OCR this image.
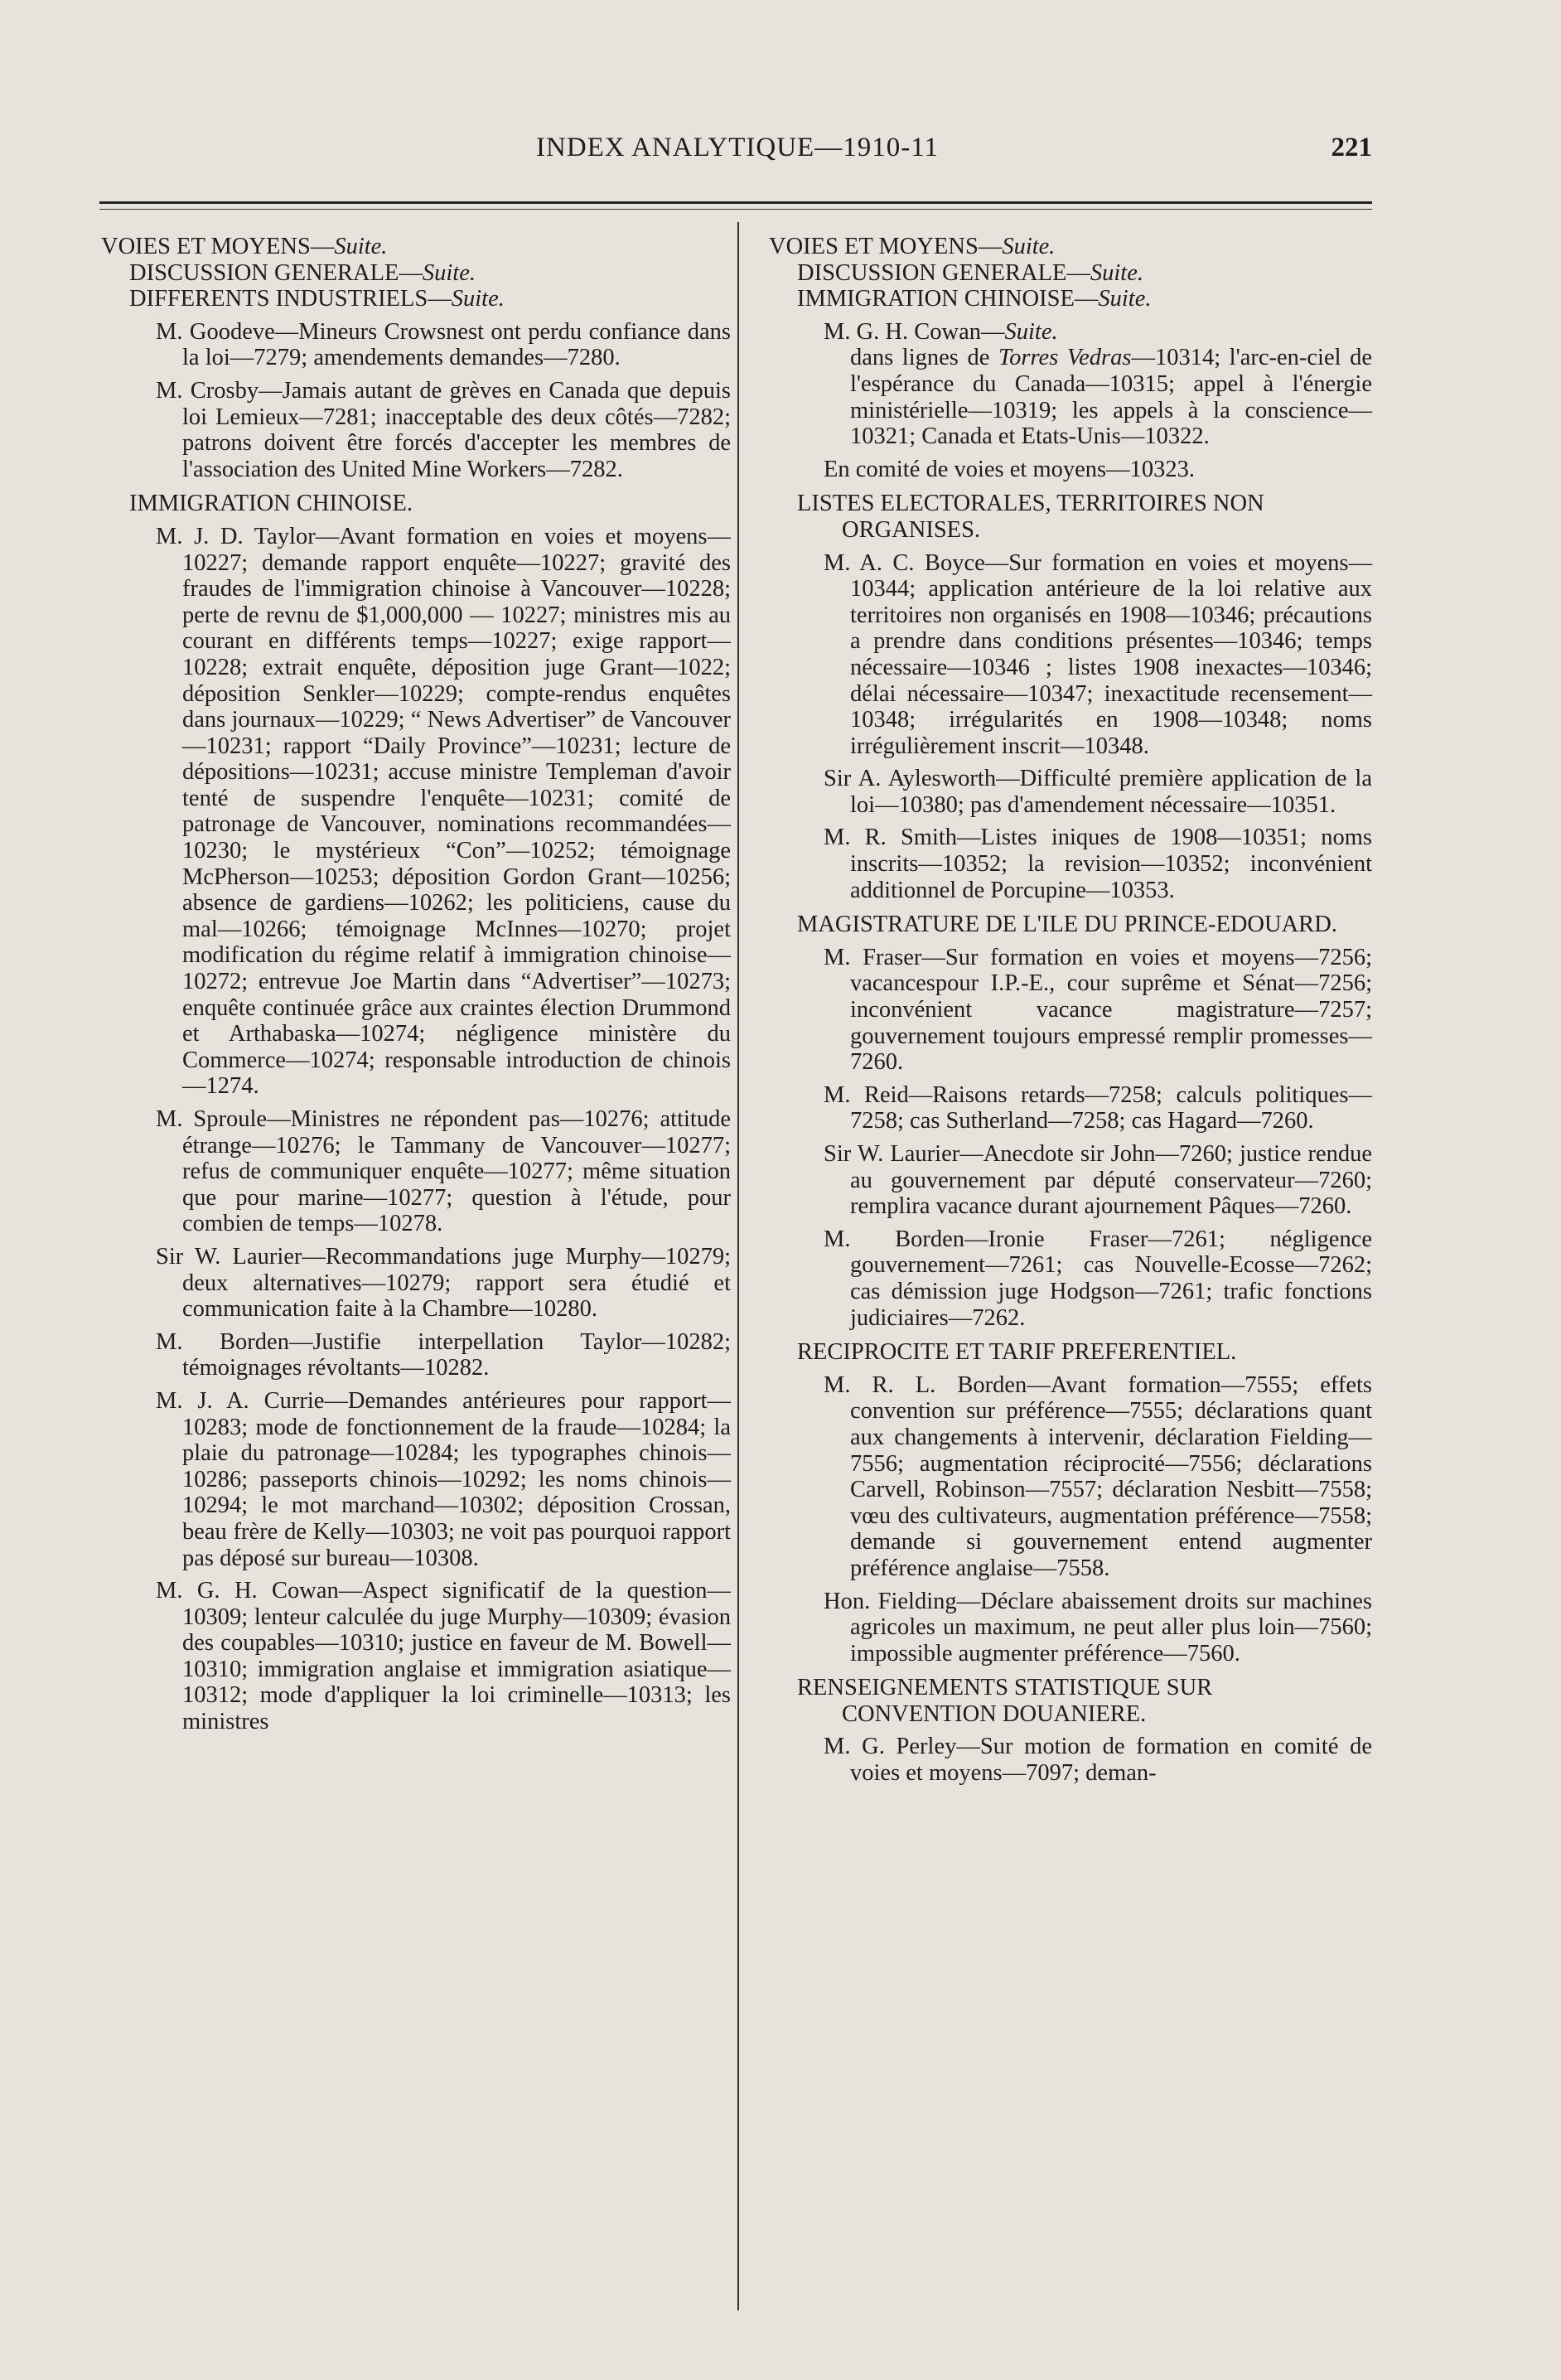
INDEX ANALYTIQUE—1910-11	221
VOIES ET MOYENS—Suite.
DISCUSSION GENERALE—Suite.
DIFFERENTS INDUSTRIELS—Suite.
M. Goodeve—Mineurs Crowsnest ont perdu confiance dans la loi—7279; amendements demandes—7280.
M. Crosby—Jamais autant de grèves en Canada que depuis loi Lemieux—7281; inacceptable des deux côtés—7282; patrons doivent être forcés d'accepter les membres de l'association des United Mine Workers—7282.
IMMIGRATION CHINOISE.
M. J. D. Taylor—Avant formation en voies et moyens—10227; demande rapport enquête—10227; gravité des fraudes de l'immigration chinoise à Vancouver—10228; perte de revnu de $1,000,000 — 10227; ministres mis au courant en différents temps—10227; exige rapport—10228; extrait enquête, déposition juge Grant—1022; déposition Senkler—10229; compte-rendus enquêtes dans journaux—10229; “ News Advertiser” de Vancouver—10231; rapport “Daily Province”—10231; lecture de dépositions—10231; accuse ministre Templeman d'avoir tenté de suspendre l'enquête—10231; comité de patronage de Vancouver, nominations recommandées—10230; le mystérieux “Con”—10252; témoignage McPherson—10253; déposition Gordon Grant—10256; absence de gardiens—10262; les politiciens, cause du mal—10266; témoignage McInnes—10270; projet modification du régime relatif à immigration chinoise—10272; entrevue Joe Martin dans “Advertiser”—10273; enquête continuée grâce aux craintes élection Drummond et Arthabaska—10274; négligence ministère du Commerce—10274; responsable introduction de chinois—1274.
M. Sproule—Ministres ne répondent pas—10276; attitude étrange—10276; le Tammany de Vancouver—10277; refus de communiquer enquête—10277; même situation que pour marine—10277; question à l'étude, pour combien de temps—10278.
Sir W. Laurier—Recommandations juge Murphy—10279; deux alternatives—10279; rapport sera étudié et communication faite à la Chambre—10280.
M. Borden—Justifie interpellation Taylor—10282; témoignages révoltants—10282.
M. J. A. Currie—Demandes antérieures pour rapport—10283; mode de fonctionnement de la fraude—10284; la plaie du patronage—10284; les typographes chinois—10286; passeports chinois—10292; les noms chinois—10294; le mot marchand—10302; déposition Crossan, beau frère de Kelly—10303; ne voit pas pourquoi rapport pas déposé sur bureau—10308.
M. G. H. Cowan—Aspect significatif de la question—10309; lenteur calculée du juge Murphy—10309; évasion des coupables—10310; justice en faveur de M. Bowell—10310; immigration anglaise et immigration asiatique—10312; mode d'appliquer la loi criminelle—10313; les ministres
VOIES ET MOYENS—Suite.
DISCUSSION GENERALE—Suite.
IMMIGRATION CHINOISE—Suite.
M. G. H. Cowan—Suite.
dans lignes de Torres Vedras—10314; l'arc-en-ciel de l'espérance du Canada—10315; appel à l'énergie ministérielle—10319; les appels à la conscience—10321; Canada et Etats-Unis—10322.
En comité de voies et moyens—10323.
LISTES ELECTORALES, TERRITOIRES NON ORGANISES.
M. A. C. Boyce—Sur formation en voies et moyens—10344; application antérieure de la loi relative aux territoires non organisés en 1908—10346; précautions a prendre dans conditions présentes—10346; temps nécessaire—10346 ; listes 1908 inexactes—10346; délai nécessaire—10347; inexactitude recensement—10348; irrégularités en 1908—10348; noms irrégulièrement inscrit—10348.
Sir A. Aylesworth—Difficulté première application de la loi—10380; pas d'amendement nécessaire—10351.
M. R. Smith—Listes iniques de 1908—10351; noms inscrits—10352; la revision—10352; inconvénient additionnel de Porcupine—10353.
MAGISTRATURE DE L'ILE DU PRINCE-EDOUARD.
M. Fraser—Sur formation en voies et moyens—7256; vacancespour I.P.-E., cour suprême et Sénat—7256; inconvénient vacance magistrature—7257; gouvernement toujours empressé remplir promesses—7260.
M. Reid—Raisons retards—7258; calculs politiques—7258; cas Sutherland—7258; cas Hagard—7260.
Sir W. Laurier—Anecdote sir John—7260; justice rendue au gouvernement par député conservateur—7260; remplira vacance durant ajournement Pâques—7260.
M. Borden—Ironie Fraser—7261; négligence gouvernement—7261; cas Nouvelle-Ecosse—7262; cas démission juge Hodgson—7261; trafic fonctions judiciaires—7262.
RECIPROCITE ET TARIF PREFERENTIEL.
M. R. L. Borden—Avant formation—7555; effets convention sur préférence—7555; déclarations quant aux changements à intervenir, déclaration Fielding—7556; augmentation réciprocité—7556; déclarations Carvell, Robinson—7557; déclaration Nesbitt—7558; vœu des cultivateurs, augmentation préférence—7558; demande si gouvernement entend augmenter préférence anglaise—7558.
Hon. Fielding—Déclare abaissement droits sur machines agricoles un maximum, ne peut aller plus loin—7560; impossible augmenter préférence—7560.
RENSEIGNEMENTS STATISTIQUE SUR CONVENTION DOUANIERE.
M. G. Perley—Sur motion de formation en comité de voies et moyens—7097; deman-
